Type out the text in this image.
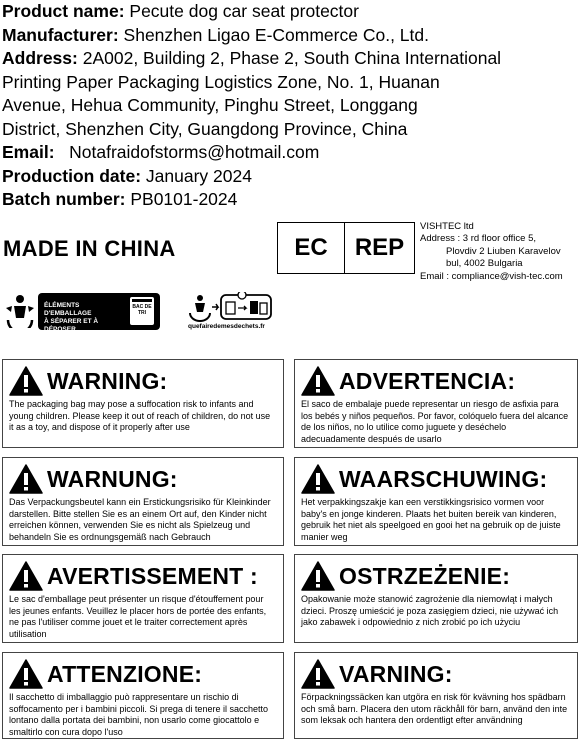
Product name: Pecute dog car seat protector
Manufacturer: Shenzhen Ligao E-Commerce Co., Ltd.
Address: 2A002, Building 2, Phase 2, South China International
Printing Paper Packaging Logistics Zone, No. 1, Huanan
Avenue, Hehua Community, Pinghu Street, Longgang
District, Shenzhen City, Guangdong Province, China
Email:   Notafraidofstorms@hotmail.com
Production date: January 2024
Batch number: PB0101-2024
MADE IN CHINA	EC	REP
VISHTEC ltd
Address : 3 rd floor office 5,
Plovdiv 2 Liuben Karavelov
bul, 4002 Bulgaria
Email : compliance@vish-tec.com
ÉLÉMENTS D'EMBALLAGE
À SÉPARER ET À DÉPOSER
DANS LE BAC DE TRI
BAC DE TRI
quefairedemesdechets.fr
WARNING:
The packaging bag may pose a suffocation risk to infants and young children. Please keep it out of reach of children, do not use it as a toy, and dispose of it properly after use
ADVERTENCIA:
El saco de embalaje puede representar un riesgo de asfixia para los bebés y niños pequeños. Por favor, colóquelo fuera del alcance de los niños, no lo utilice como juguete y deséchelo adecuadamente después de usarlo
WARNUNG:
Das Verpackungsbeutel kann ein Erstickungsrisiko für Kleinkinder darstellen. Bitte stellen Sie es an einem Ort auf, den Kinder nicht erreichen können, verwenden Sie es nicht als Spielzeug und behandeln Sie es ordnungsgemäß nach Gebrauch
WAARSCHUWING:
Het verpakkingszakje kan een verstikkingsrisico vormen voor baby's en jonge kinderen. Plaats het buiten bereik van kinderen, gebruik het niet als speelgoed en gooi het na gebruik op de juiste manier weg
AVERTISSEMENT :
Le sac d'emballage peut présenter un risque d'étouffement pour les jeunes enfants. Veuillez le placer hors de portée des enfants, ne pas l'utiliser comme jouet et le traiter correctement après utilisation
OSTRZEŻENIE:
Opakowanie może stanowić zagrożenie dla niemowląt i małych dzieci. Proszę umieścić je poza zasięgiem dzieci, nie używać ich jako zabawek i odpowiednio z nich zrobić po ich użyciu
ATTENZIONE:
Il sacchetto di imballaggio può rappresentare un rischio di soffocamento per i bambini piccoli. Si prega di tenere il sacchetto lontano dalla portata dei bambini, non usarlo come giocattolo e smaltirlo con cura dopo l'uso
VARNING:
Förpackningssäcken kan utgöra en risk för kvävning hos spädbarn och små barn. Placera den utom räckhåll för barn, använd den inte som leksak och hantera den ordentligt efter användning
